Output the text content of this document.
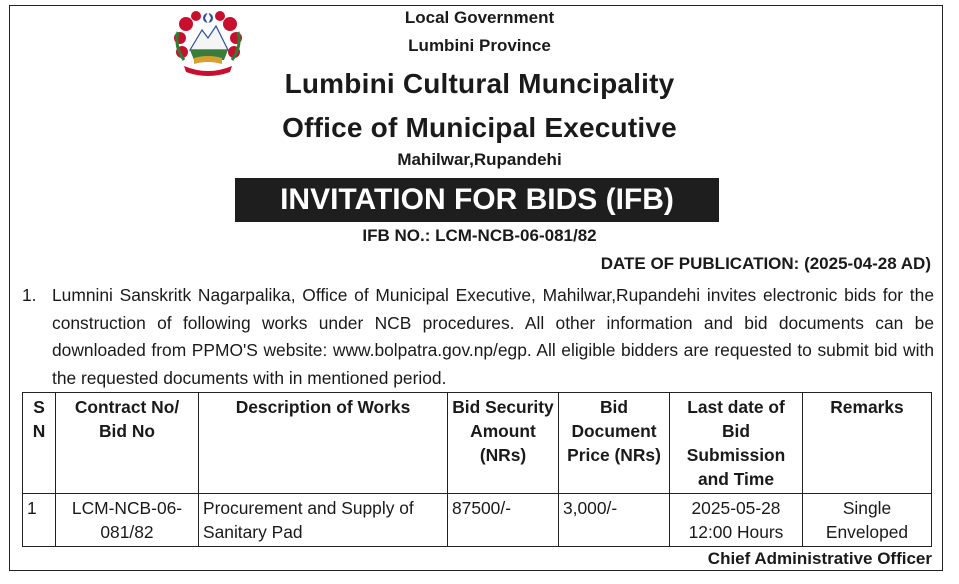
Local Government
Lumbini Province
Lumbini Cultural Muncipality
Office of Municipal Executive
Mahilwar,Rupandehi
INVITATION FOR BIDS (IFB)
IFB NO.: LCM-NCB-06-081/82
DATE OF PUBLICATION: (2025-04-28 AD)
1. Lumnini Sanskritk Nagarpalika, Office of Municipal Executive, Mahilwar,Rupandehi invites electronic bids for the construction of following works under NCB procedures. All other information and bid documents can be downloaded from PPMO'S website: www.bolpatra.gov.np/egp. All eligible bidders are requested to submit bid with the requested documents with in mentioned period.
S N	Contract No/ Bid No	Description of Works	Bid Security Amount (NRs)	Bid Document Price (NRs)	Last date of Bid Submission and Time	Remarks
1	LCM-NCB-06-081/82	Procurement and Supply of Sanitary Pad	87500/-	3,000/-	2025-05-28 12:00 Hours	Single Enveloped
Chief Administrative Officer
